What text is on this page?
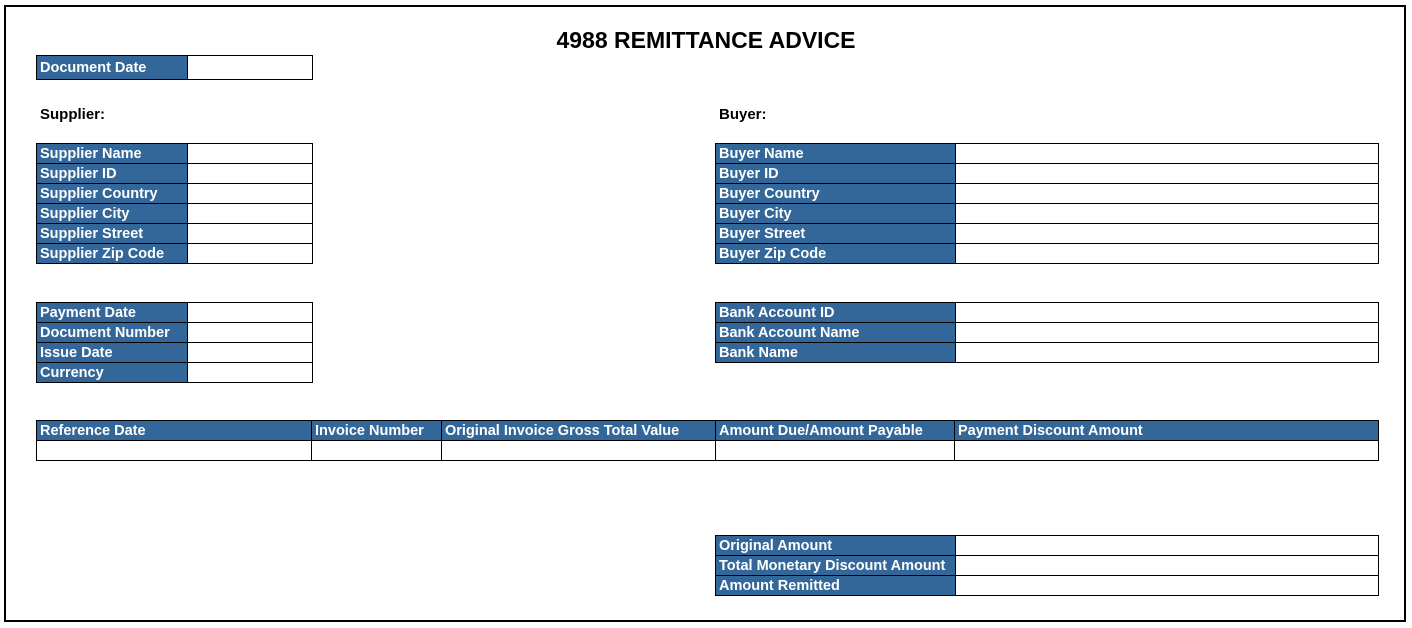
4988 REMITTANCE ADVICE
Document Date	
Supplier:	Buyer:
Supplier Name	
Supplier ID	
Supplier Country	
Supplier City	
Supplier Street	
Supplier Zip Code	
Buyer Name	
Buyer ID	
Buyer Country	
Buyer City	
Buyer Street	
Buyer Zip Code	
Payment Date	
Document Number	
Issue Date	
Currency	
Bank Account ID	
Bank Account Name	
Bank Name	
Reference Date	Invoice Number	Original Invoice Gross Total Value	Amount Due/Amount Payable	Payment Discount Amount

Original Amount	
Total Monetary Discount Amount	
Amount Remitted	
